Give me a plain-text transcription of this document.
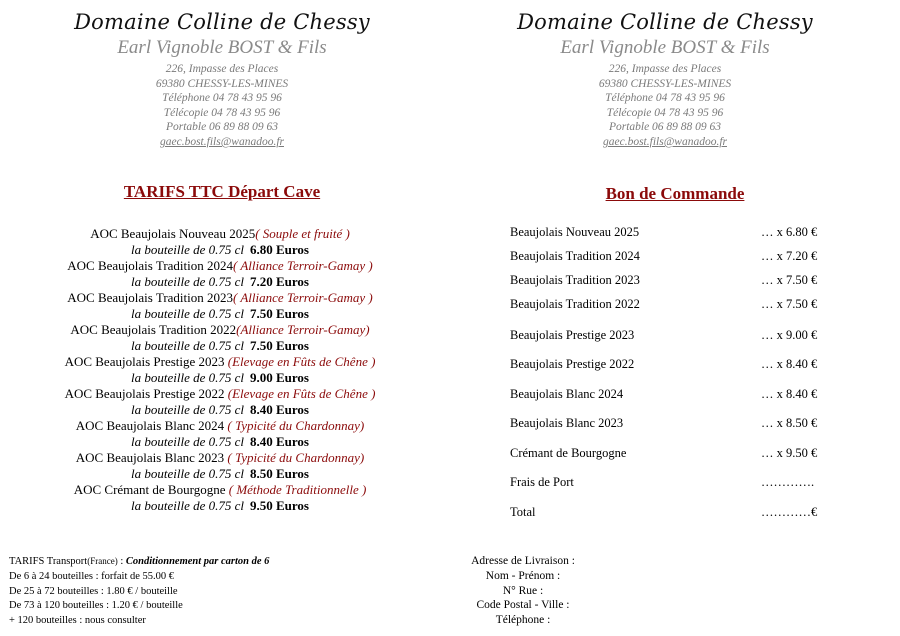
Domaine Colline de Chessy
Earl Vignoble BOST & Fils
226, Impasse des Places
69380 CHESSY-LES-MINES
Téléphone 04 78 43 95 96
Télécopie 04 78 43 95 96
Portable 06 89 88 09 63
gaec.bost.fils@wanadoo.fr
TARIFS TTC Départ Cave
AOC Beaujolais Nouveau 2025( Souple et fruité )
la bouteille de 0.75 cl 6.80 Euros
AOC Beaujolais Tradition 2024( Alliance Terroir-Gamay )
la bouteille de 0.75 cl 7.20 Euros
AOC Beaujolais Tradition 2023( Alliance Terroir-Gamay )
la bouteille de 0.75 cl 7.50 Euros
AOC Beaujolais Tradition 2022(Alliance Terroir-Gamay)
la bouteille de 0.75 cl 7.50 Euros
AOC Beaujolais Prestige 2023 (Elevage en Fûts de Chêne )
la bouteille de 0.75 cl 9.00 Euros
AOC Beaujolais Prestige 2022 (Elevage en Fûts de Chêne )
la bouteille de 0.75 cl 8.40 Euros
AOC Beaujolais Blanc 2024 ( Typicité du Chardonnay)
la bouteille de 0.75 cl 8.40 Euros
AOC Beaujolais Blanc 2023 ( Typicité du Chardonnay)
la bouteille de 0.75 cl 8.50 Euros
AOC Crémant de Bourgogne ( Méthode Traditionnelle )
la bouteille de 0.75 cl 9.50 Euros
Domaine Colline de Chessy
Earl Vignoble BOST & Fils
226, Impasse des Places
69380 CHESSY-LES-MINES
Téléphone 04 78 43 95 96
Télécopie 04 78 43 95 96
Portable 06 89 88 09 63
gaec.bost.fils@wanadoo.fr
Bon de Commande
Beaujolais Nouveau 2025	… x 6.80 €
Beaujolais Tradition 2024	… x 7.20 €
Beaujolais Tradition 2023	… x 7.50 €
Beaujolais Tradition 2022	… x 7.50 €
Beaujolais Prestige 2023	… x 9.00 €
Beaujolais Prestige 2022	… x 8.40 €
Beaujolais Blanc 2024	… x 8.40 €
Beaujolais Blanc 2023	… x 8.50 €
Crémant de Bourgogne	… x 9.50 €
Frais de Port	………….
Total	…………€
TARIFS Transport(France) : Conditionnement par carton de 6
De 6 à 24 bouteilles : forfait de 55.00 €
De 25 à 72 bouteilles : 1.80 € / bouteille
De 73 à 120 bouteilles : 1.20 € / bouteille
+ 120 bouteilles : nous consulter
Adresse de Livraison :
Nom - Prénom :
N° Rue :
Code Postal - Ville :
Téléphone :
